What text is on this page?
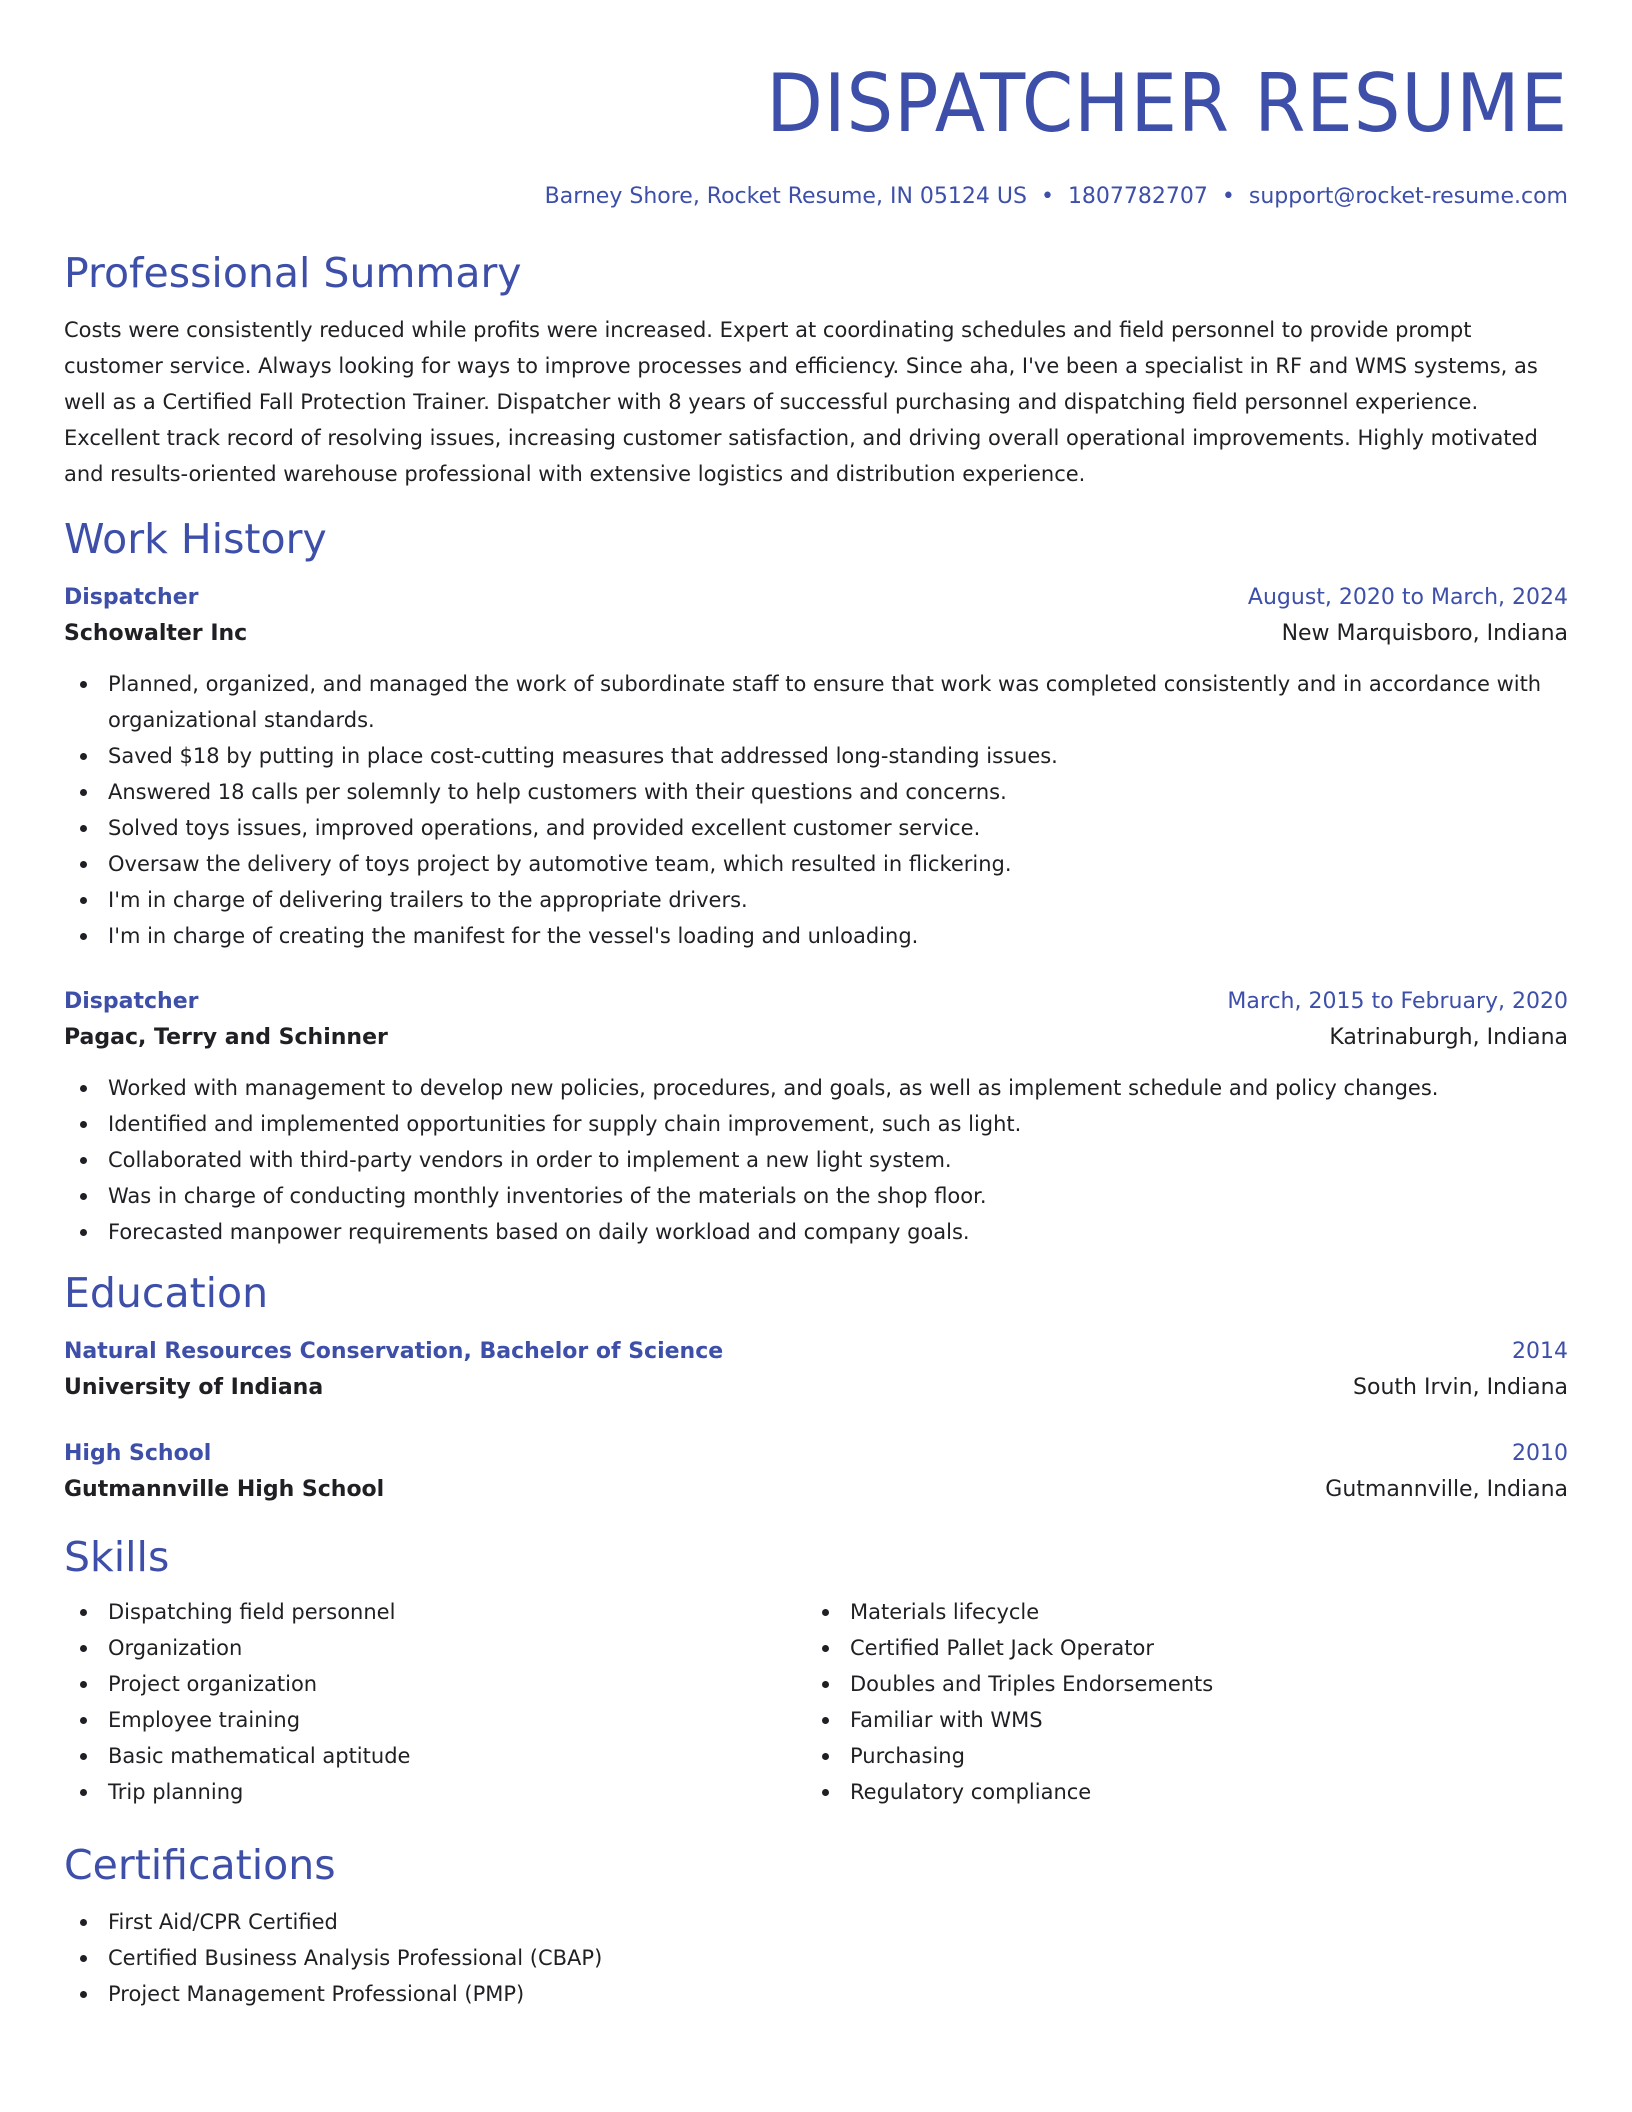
DISPATCHER RESUME
Barney Shore, Rocket Resume, IN 05124 US • 1807782707 • support@rocket-resume.com
Professional Summary
Costs were consistently reduced while profits were increased. Expert at coordinating schedules and field personnel to provide prompt customer service. Always looking for ways to improve processes and efficiency. Since aha, I've been a specialist in RF and WMS systems, as well as a Certified Fall Protection Trainer. Dispatcher with 8 years of successful purchasing and dispatching field personnel experience. Excellent track record of resolving issues, increasing customer satisfaction, and driving overall operational improvements. Highly motivated and results-oriented warehouse professional with extensive logistics and distribution experience.
Work History
Dispatcher	August, 2020 to March, 2024
Schowalter Inc	New Marquisboro, Indiana
Planned, organized, and managed the work of subordinate staff to ensure that work was completed consistently and in accordance with organizational standards.
Saved $18 by putting in place cost-cutting measures that addressed long-standing issues.
Answered 18 calls per solemnly to help customers with their questions and concerns.
Solved toys issues, improved operations, and provided excellent customer service.
Oversaw the delivery of toys project by automotive team, which resulted in flickering.
I'm in charge of delivering trailers to the appropriate drivers.
I'm in charge of creating the manifest for the vessel's loading and unloading.
Dispatcher	March, 2015 to February, 2020
Pagac, Terry and Schinner	Katrinaburgh, Indiana
Worked with management to develop new policies, procedures, and goals, as well as implement schedule and policy changes.
Identified and implemented opportunities for supply chain improvement, such as light.
Collaborated with third-party vendors in order to implement a new light system.
Was in charge of conducting monthly inventories of the materials on the shop floor.
Forecasted manpower requirements based on daily workload and company goals.
Education
Natural Resources Conservation, Bachelor of Science	2014
University of Indiana	South Irvin, Indiana
High School	2010
Gutmannville High School	Gutmannville, Indiana
Skills
Dispatching field personnel
Organization
Project organization
Employee training
Basic mathematical aptitude
Trip planning
Materials lifecycle
Certified Pallet Jack Operator
Doubles and Triples Endorsements
Familiar with WMS
Purchasing
Regulatory compliance
Certifications
First Aid/CPR Certified
Certified Business Analysis Professional (CBAP)
Project Management Professional (PMP)
